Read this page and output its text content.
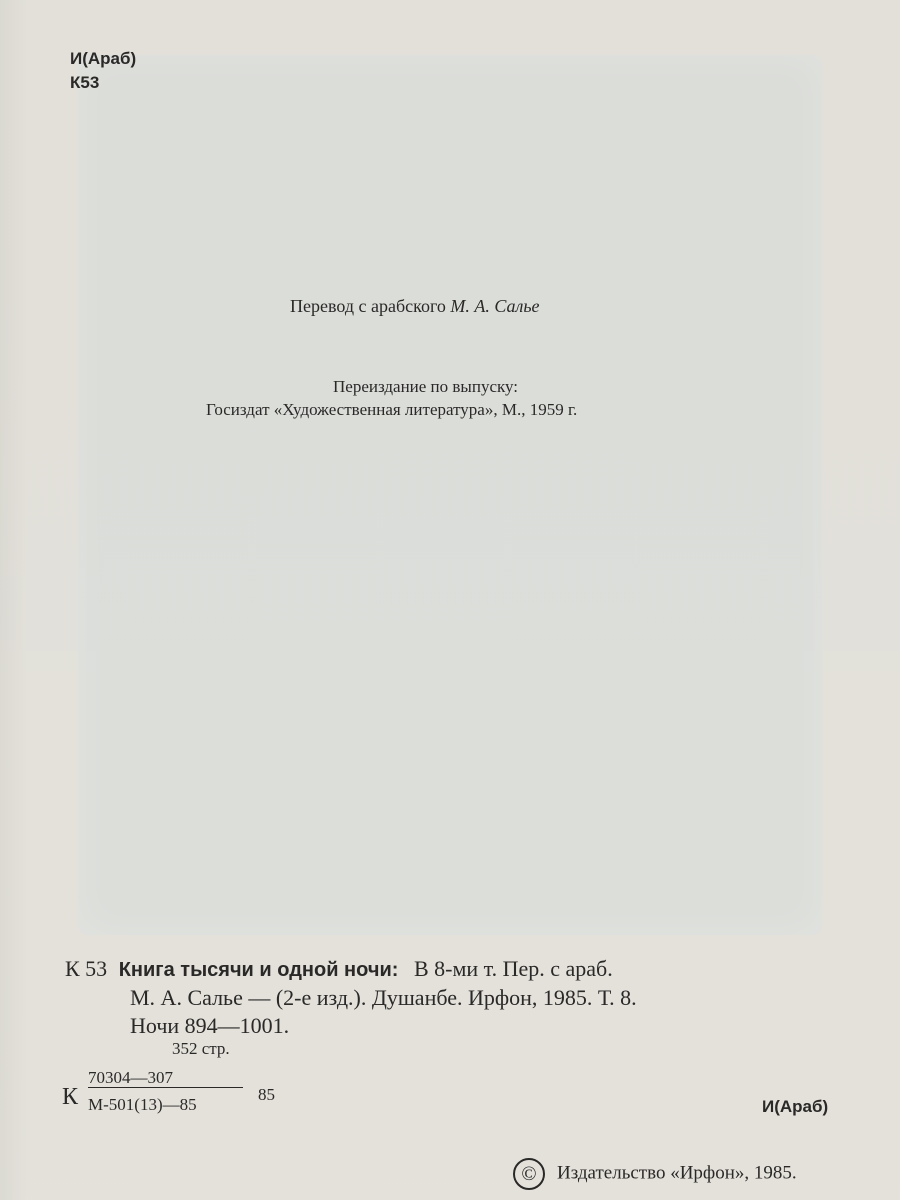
И(Араб)
К53
Перевод с арабского М. А. Салье
Переиздание по выпуску:
Госиздат «Художественная литература», М., 1959 г.
К 53 Книга тысячи и одной ночи: В 8-ми т. Пер. с араб.
М. А. Салье — (2-е изд.). Душанбе. Ирфон, 1985. Т. 8.
Ночи 894—1001.
352 стр.
К
70304—307
М-501(13)—85
85
И(Араб)
© Издательство «Ирфон», 1985.
